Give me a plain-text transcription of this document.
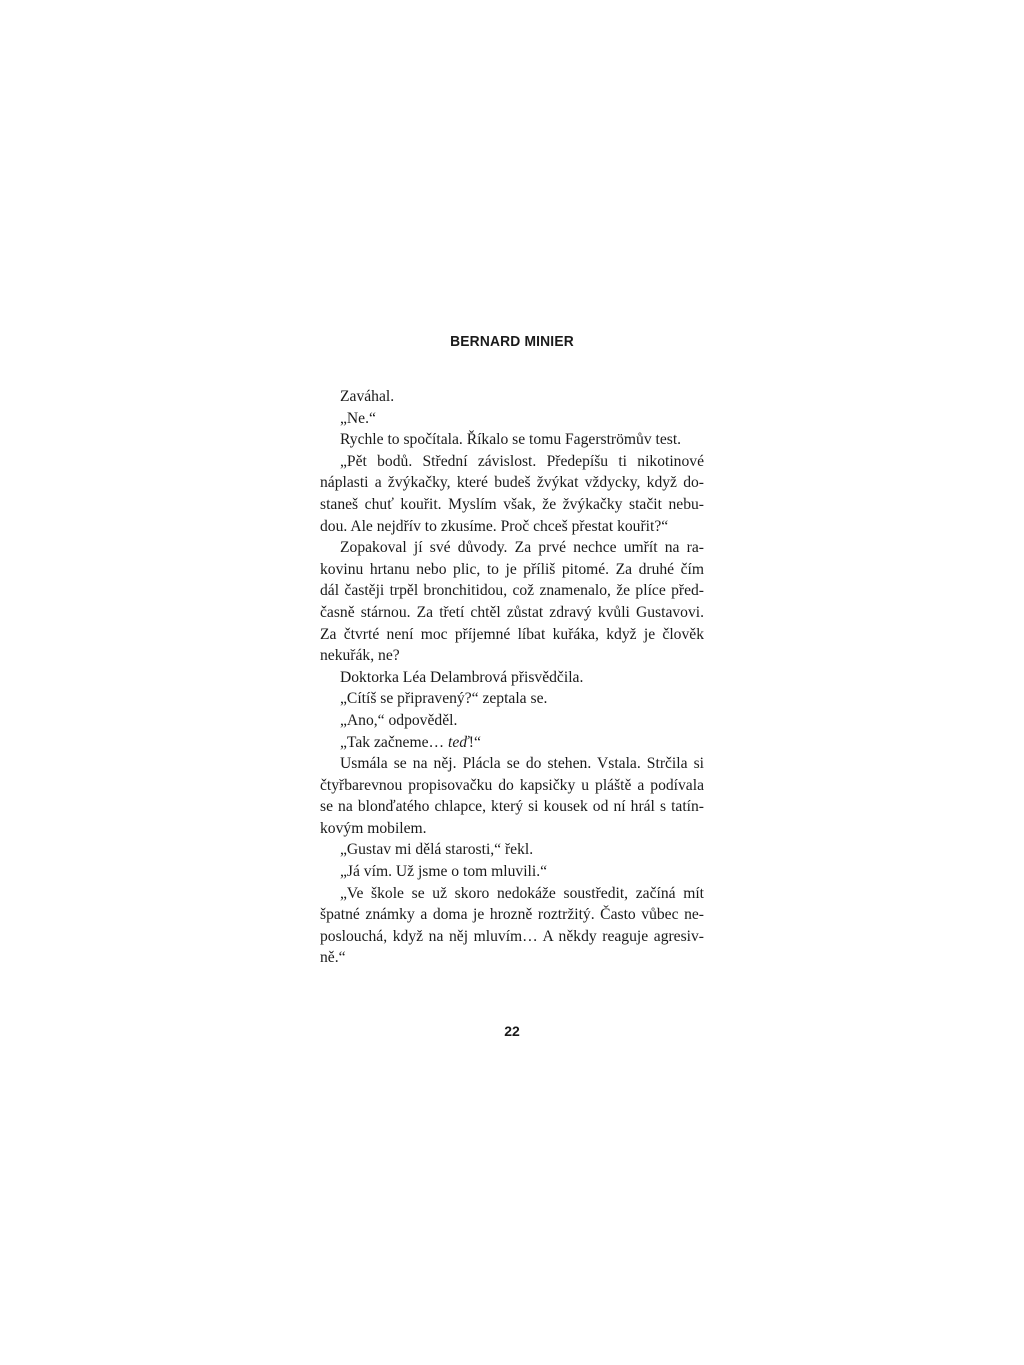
BERNARD MINIER
Zaváhal.
„Ne.“
Rychle to spočítala. Říkalo se tomu Fagerströmův test.
„Pět bodů. Střední závislost. Předepíšu ti nikotinové
náplasti a žvýkačky, které budeš žvýkat vždycky, když do-
staneš chuť kouřit. Myslím však, že žvýkačky stačit nebu-
dou. Ale nejdřív to zkusíme. Proč chceš přestat kouřit?“
Zopakoval jí své důvody. Za prvé nechce umřít na ra-
kovinu hrtanu nebo plic, to je příliš pitomé. Za druhé čím
dál častěji trpěl bronchitidou, což znamenalo, že plíce před-
časně stárnou. Za třetí chtěl zůstat zdravý kvůli Gustavovi.
Za čtvrté není moc příjemné líbat kuřáka, když je člověk
nekuřák, ne?
Doktorka Léa Delambrová přisvědčila.
„Cítíš se připravený?“ zeptala se.
„Ano,“ odpověděl.
„Tak začneme… teď!“
Usmála se na něj. Plácla se do stehen. Vstala. Strčila si
čtyřbarevnou propisovačku do kapsičky u pláště a podívala
se na blonďatého chlapce, který si kousek od ní hrál s tatín-
kovým mobilem.
„Gustav mi dělá starosti,“ řekl.
„Já vím. Už jsme o tom mluvili.“
„Ve škole se už skoro nedokáže soustředit, začíná mít
špatné známky a doma je hrozně roztržitý. Často vůbec ne-
poslouchá, když na něj mluvím… A někdy reaguje agresiv-
ně.“
22
